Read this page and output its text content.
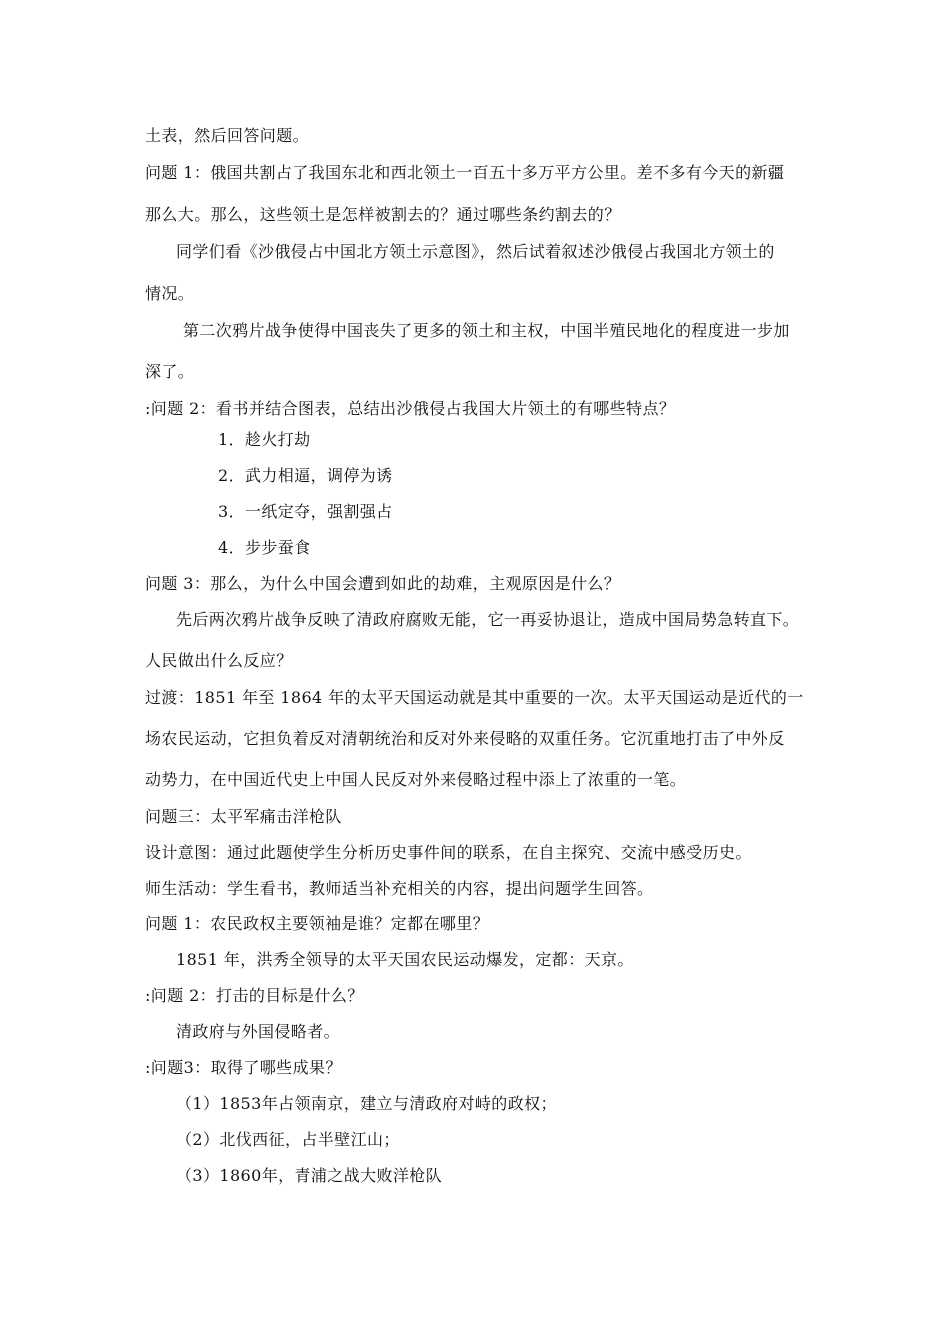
土表，然后回答问题。
问题 1：俄国共割占了我国东北和西北领土一百五十多万平方公里。差不多有今天的新疆
那么大。那么，这些领土是怎样被割去的？通过哪些条约割去的？
同学们看《沙俄侵占中国北方领土示意图》，然后试着叙述沙俄侵占我国北方领土的
情况。
第二次鸦片战争使得中国丧失了更多的领土和主权，中国半殖民地化的程度进一步加
深了。
:问题 2：看书并结合图表，总结出沙俄侵占我国大片领土的有哪些特点？
1．趁火打劫
2．武力相逼，调停为诱
3．一纸定夺，强割强占
4．步步蚕食
问题 3：那么，为什么中国会遭到如此的劫难，主观原因是什么？
先后两次鸦片战争反映了清政府腐败无能，它一再妥协退让，造成中国局势急转直下。
人民做出什么反应？
过渡：1851 年至 1864 年的太平天国运动就是其中重要的一次。太平天国运动是近代的一
场农民运动，它担负着反对清朝统治和反对外来侵略的双重任务。它沉重地打击了中外反
动势力，在中国近代史上中国人民反对外来侵略过程中添上了浓重的一笔。
问题三：太平军痛击洋枪队
设计意图：通过此题使学生分析历史事件间的联系，在自主探究、交流中感受历史。
师生活动：学生看书，教师适当补充相关的内容，提出问题学生回答。
问题 1：农民政权主要领袖是谁？定都在哪里？
1851 年，洪秀全领导的太平天国农民运动爆发，定都：天京。
:问题 2：打击的目标是什么？
清政府与外国侵略者。
:问题3：取得了哪些成果？
（1）1853年占领南京，建立与清政府对峙的政权；
（2）北伐西征，占半壁江山；
（3）1860年，青浦之战大败洋枪队
